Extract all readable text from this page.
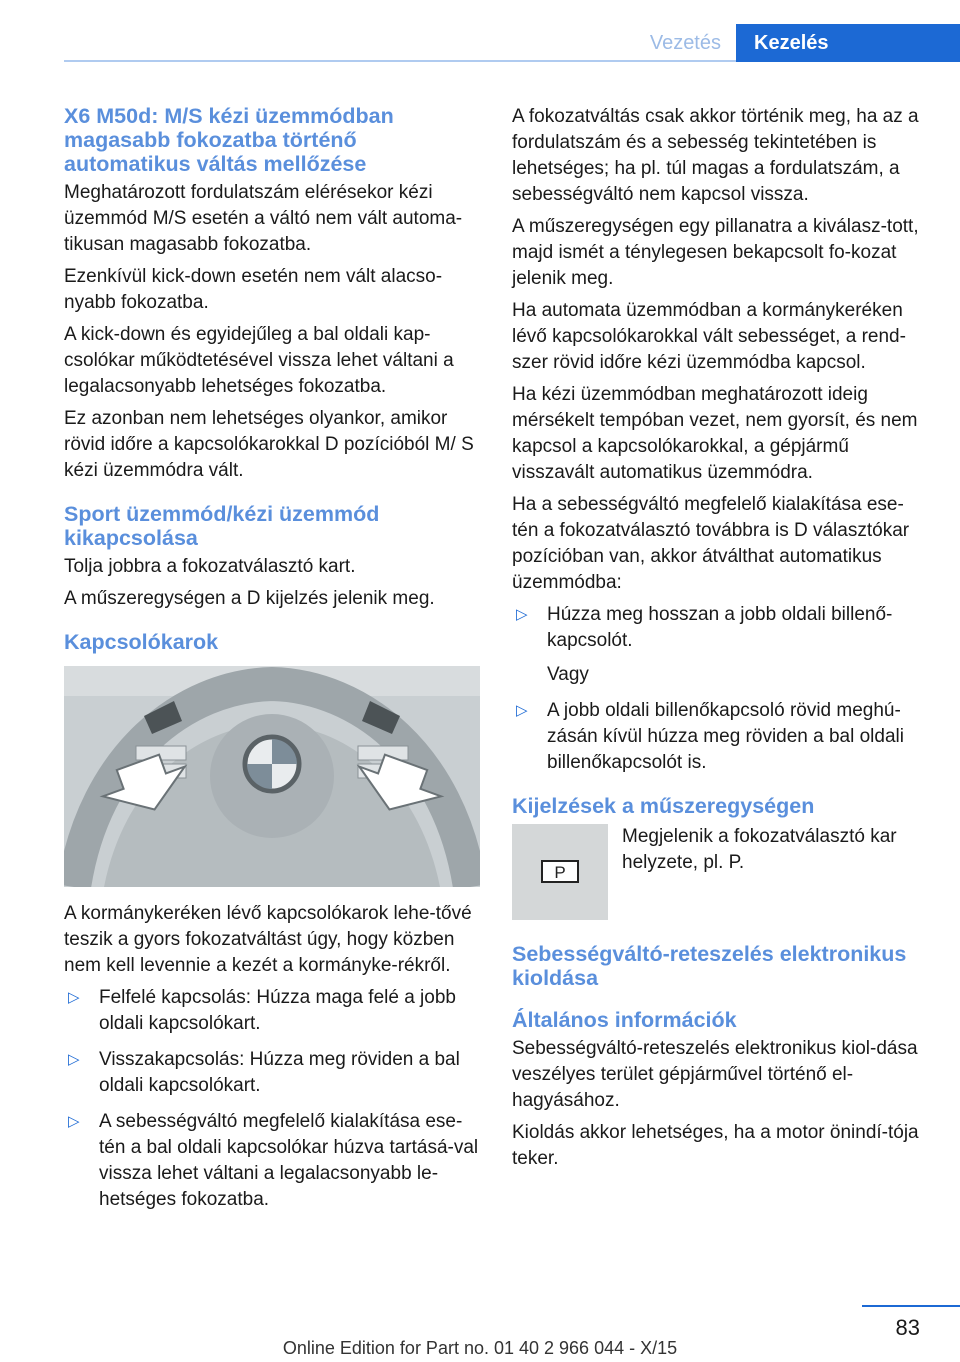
Vezetés	Kezelés
X6 M50d: M/S kézi üzemmódban magasabb fokozatba történő automatikus váltás mellőzése
Meghatározott fordulatszám elérésekor kézi üzemmód M/S esetén a váltó nem vált automa-tikusan magasabb fokozatba.
Ezenkívül kick-down esetén nem vált alacso-nyabb fokozatba.
A kick-down és egyidejűleg a bal oldali kap-csolókar működtetésével vissza lehet váltani a legalacsonyabb lehetséges fokozatba.
Ez azonban nem lehetséges olyankor, amikor rövid időre a kapcsolókarokkal D pozícióból M/ S kézi üzemmódra vált.
Sport üzemmód/kézi üzemmód kikapcsolása
Tolja jobbra a fokozatválasztó kart.
A műszeregységen a D kijelzés jelenik meg.
Kapcsolókarok
A kormánykeréken lévő kapcsolókarok lehe-tővé teszik a gyors fokozatváltást úgy, hogy közben nem kell levennie a kezét a kormányke-rékről.
▷ Felfelé kapcsolás: Húzza maga felé a jobb oldali kapcsolókart.
▷ Visszakapcsolás: Húzza meg röviden a bal oldali kapcsolókart.
▷ A sebességváltó megfelelő kialakítása ese-tén a bal oldali kapcsolókar húzva tartásá-val vissza lehet váltani a legalacsonyabb le-hetséges fokozatba.
A fokozatváltás csak akkor történik meg, ha az a fordulatszám és a sebesség tekintetében is lehetséges; ha pl. túl magas a fordulatszám, a sebességváltó nem kapcsol vissza.
A műszeregységen egy pillanatra a kiválasz-tott, majd ismét a ténylegesen bekapcsolt fo-kozat jelenik meg.
Ha automata üzemmódban a kormánykeréken lévő kapcsolókarokkal vált sebességet, a rend-szer rövid időre kézi üzemmódba kapcsol.
Ha kézi üzemmódban meghatározott ideig mérsékelt tempóban vezet, nem gyorsít, és nem kapcsol a kapcsolókarokkal, a gépjármű visszavált automatikus üzemmódra.
Ha a sebességváltó megfelelő kialakítása ese-tén a fokozatválasztó továbbra is D választókar pozícióban van, akkor átválthat automatikus üzemmódba:
▷ Húzza meg hosszan a jobb oldali billenő-kapcsolót.
Vagy
▷ A jobb oldali billenőkapcsoló rövid meghú-zásán kívül húzza meg röviden a bal oldali billenőkapcsolót is.
Kijelzések a műszeregységen
P
Megjelenik a fokozatválasztó kar helyzete, pl. P.
Sebességváltó-reteszelés elektronikus kioldása
Általános információk
Sebességváltó-reteszelés elektronikus kiol-dása veszélyes terület gépjárművel történő el-hagyásához.
Kioldás akkor lehetséges, ha a motor önindí-tója teker.
83
Online Edition for Part no. 01 40 2 966 044 - X/15
